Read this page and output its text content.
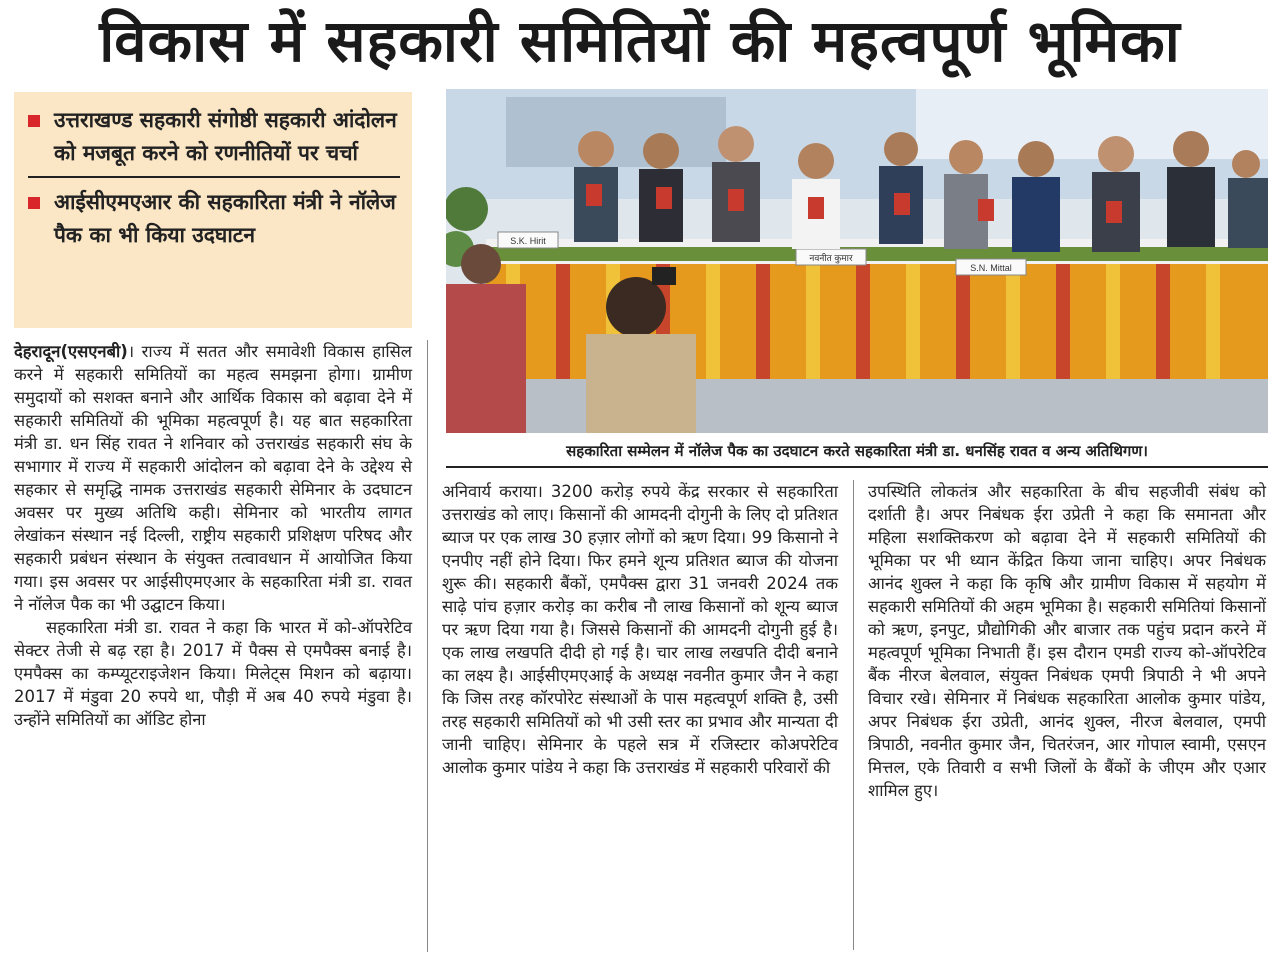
विकास में सहकारी समितियों की महत्वपूर्ण भूमिका
उत्तराखण्ड सहकारी संगोष्ठी सहकारी आंदोलन को मजबूत करने को रणनीतियों पर चर्चा
आईसीएमएआर की सहकारिता मंत्री ने नॉलेज पैक का भी किया उदघाटन	S.K. Hirit
नवनीत कुमार
S.N. Mittal
सहकारिता सम्मेलन में नॉलेज पैक का उदघाटन करते सहकारिता मंत्री डा. धनसिंह रावत व अन्य अतिथिगण।

देहरादून(एसएनबी)। राज्य में सतत और समावेशी विकास हासिल करने में सहकारी समितियों का महत्व समझना होगा। ग्रामीण समुदायों को सशक्त बनाने और आर्थिक विकास को बढ़ावा देने में सहकारी समितियों की भूमिका महत्वपूर्ण है। यह बात सहकारिता मंत्री डा. धन सिंह रावत ने शनिवार को उत्तराखंड सहकारी संघ के सभागार में राज्य में सहकारी आंदोलन को बढ़ावा देने के उद्देश्य से सहकार से समृद्धि नामक उत्तराखंड सहकारी सेमिनार के उदघाटन अवसर पर मुख्य अतिथि कही। सेमिनार को भारतीय लागत लेखांकन संस्थान नई दिल्ली, राष्ट्रीय सहकारी प्रशिक्षण परिषद और सहकारी प्रबंधन संस्थान के संयुक्त तत्वावधान में आयोजित किया गया। इस अवसर पर आईसीएमएआर के सहकारिता मंत्री डा. रावत ने नॉलेज पैक का भी उद्घाटन किया।

सहकारिता मंत्री डा. रावत ने कहा कि भारत में को-ऑपरेटिव सेक्टर तेजी से बढ़ रहा है। 2017 में पैक्स से एमपैक्स बनाई है। एमपैक्स का कम्प्यूटराइजेशन किया। मिलेट्स मिशन को बढ़ाया। 2017 में मंडुवा 20 रुपये था, पौड़ी में अब 40 रुपये मंडुवा है। उन्होंने समितियों का ऑडिट होना

अनिवार्य कराया। 3200 करोड़ रुपये केंद्र सरकार से सहकारिता उत्तराखंड को लाए। किसानों की आमदनी दोगुनी के लिए दो प्रतिशत ब्याज पर एक लाख 30 हज़ार लोगों को ऋण दिया। 99 किसानो ने एनपीए नहीं होने दिया। फिर हमने शून्य प्रतिशत ब्याज की योजना शुरू की। सहकारी बैंकों, एमपैक्स द्वारा 31 जनवरी 2024 तक साढ़े पांच हज़ार करोड़ का करीब नौ लाख किसानों को शून्य ब्याज पर ऋण दिया गया है। जिससे किसानों की आमदनी दोगुनी हुई है। एक लाख लखपति दीदी हो गई है। चार लाख लखपति दीदी बनाने का लक्ष्य है। आईसीएमएआई के अध्यक्ष नवनीत कुमार जैन ने कहा कि जिस तरह कॉरपोरेट संस्थाओं के पास महत्वपूर्ण शक्ति है, उसी तरह सहकारी समितियों को भी उसी स्तर का प्रभाव और मान्यता दी जानी चाहिए। सेमिनार के पहले सत्र में रजिस्टार कोअपरेटिव आलोक कुमार पांडेय ने कहा कि उत्तराखंड में सहकारी परिवारों की

उपस्थिति लोकतंत्र और सहकारिता के बीच सहजीवी संबंध को दर्शाती है। अपर निबंधक ईरा उप्रेती ने कहा कि समानता और महिला सशक्तिकरण को बढ़ावा देने में सहकारी समितियों की भूमिका पर भी ध्यान केंद्रित किया जाना चाहिए। अपर निबंधक आनंद शुक्ल ने कहा कि कृषि और ग्रामीण विकास में सहयोग में सहकारी समितियों की अहम भूमिका है। सहकारी समितियां किसानों को ऋण, इनपुट, प्रौद्योगिकी और बाजार तक पहुंच प्रदान करने में महत्वपूर्ण भूमिका निभाती हैं। इस दौरान एमडी राज्य को-ऑपरेटिव बैंक नीरज बेलवाल, संयुक्त निबंधक एमपी त्रिपाठी ने भी अपने विचार रखे। सेमिनार में निबंधक सहकारिता आलोक कुमार पांडेय, अपर निबंधक ईरा उप्रेती, आनंद शुक्ल, नीरज बेलवाल, एमपी त्रिपाठी, नवनीत कुमार जैन, चितरंजन, आर गोपाल स्वामी, एसएन मित्तल, एके तिवारी व सभी जिलों के बैंकों के जीएम और एआर शामिल हुए।
